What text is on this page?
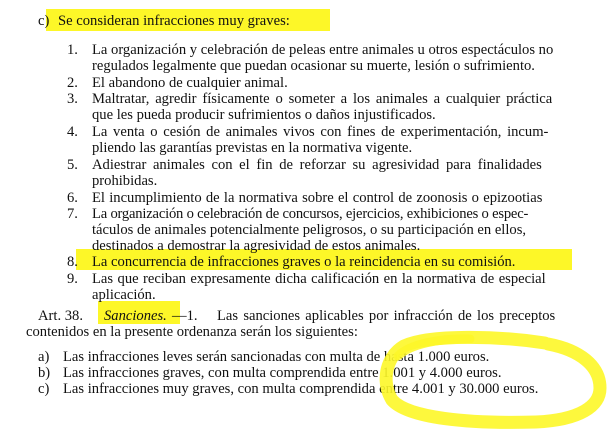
c) Se consideran infracciones muy graves:
1. La organización y celebración de peleas entre animales u otros espectáculos no
regulados legalmente que puedan ocasionar su muerte, lesión o sufrimiento.
2. El abandono de cualquier animal.
3. Maltratar, agredir físicamente o someter a los animales a cualquier práctica
que les pueda producir sufrimientos o daños injustificados.
4. La venta o cesión de animales vivos con fines de experimentación, incum-
pliendo las garantías previstas en la normativa vigente.
5. Adiestrar animales con el fin de reforzar su agresividad para finalidades
prohibidas.
6. El incumplimiento de la normativa sobre el control de zoonosis o epizootias
7. La organización o celebración de concursos, ejercicios, exhibiciones o espec-
táculos de animales potencialmente peligrosos, o su participación en ellos,
destinados a demostrar la agresividad de estos animales.
8. La concurrencia de infracciones graves o la reincidencia en su comisión.
9. Las que reciban expresamente dicha calificación en la normativa de especial
aplicación.
Art. 38. Sanciones. —1. Las sanciones aplicables por infracción de los preceptos
contenidos en la presente ordenanza serán los siguientes:
a) Las infracciones leves serán sancionadas con multa de hasta 1.000 euros.
b) Las infracciones graves, con multa comprendida entre 1.001 y 4.000 euros.
c) Las infracciones muy graves, con multa comprendida entre 4.001 y 30.000 euros.
